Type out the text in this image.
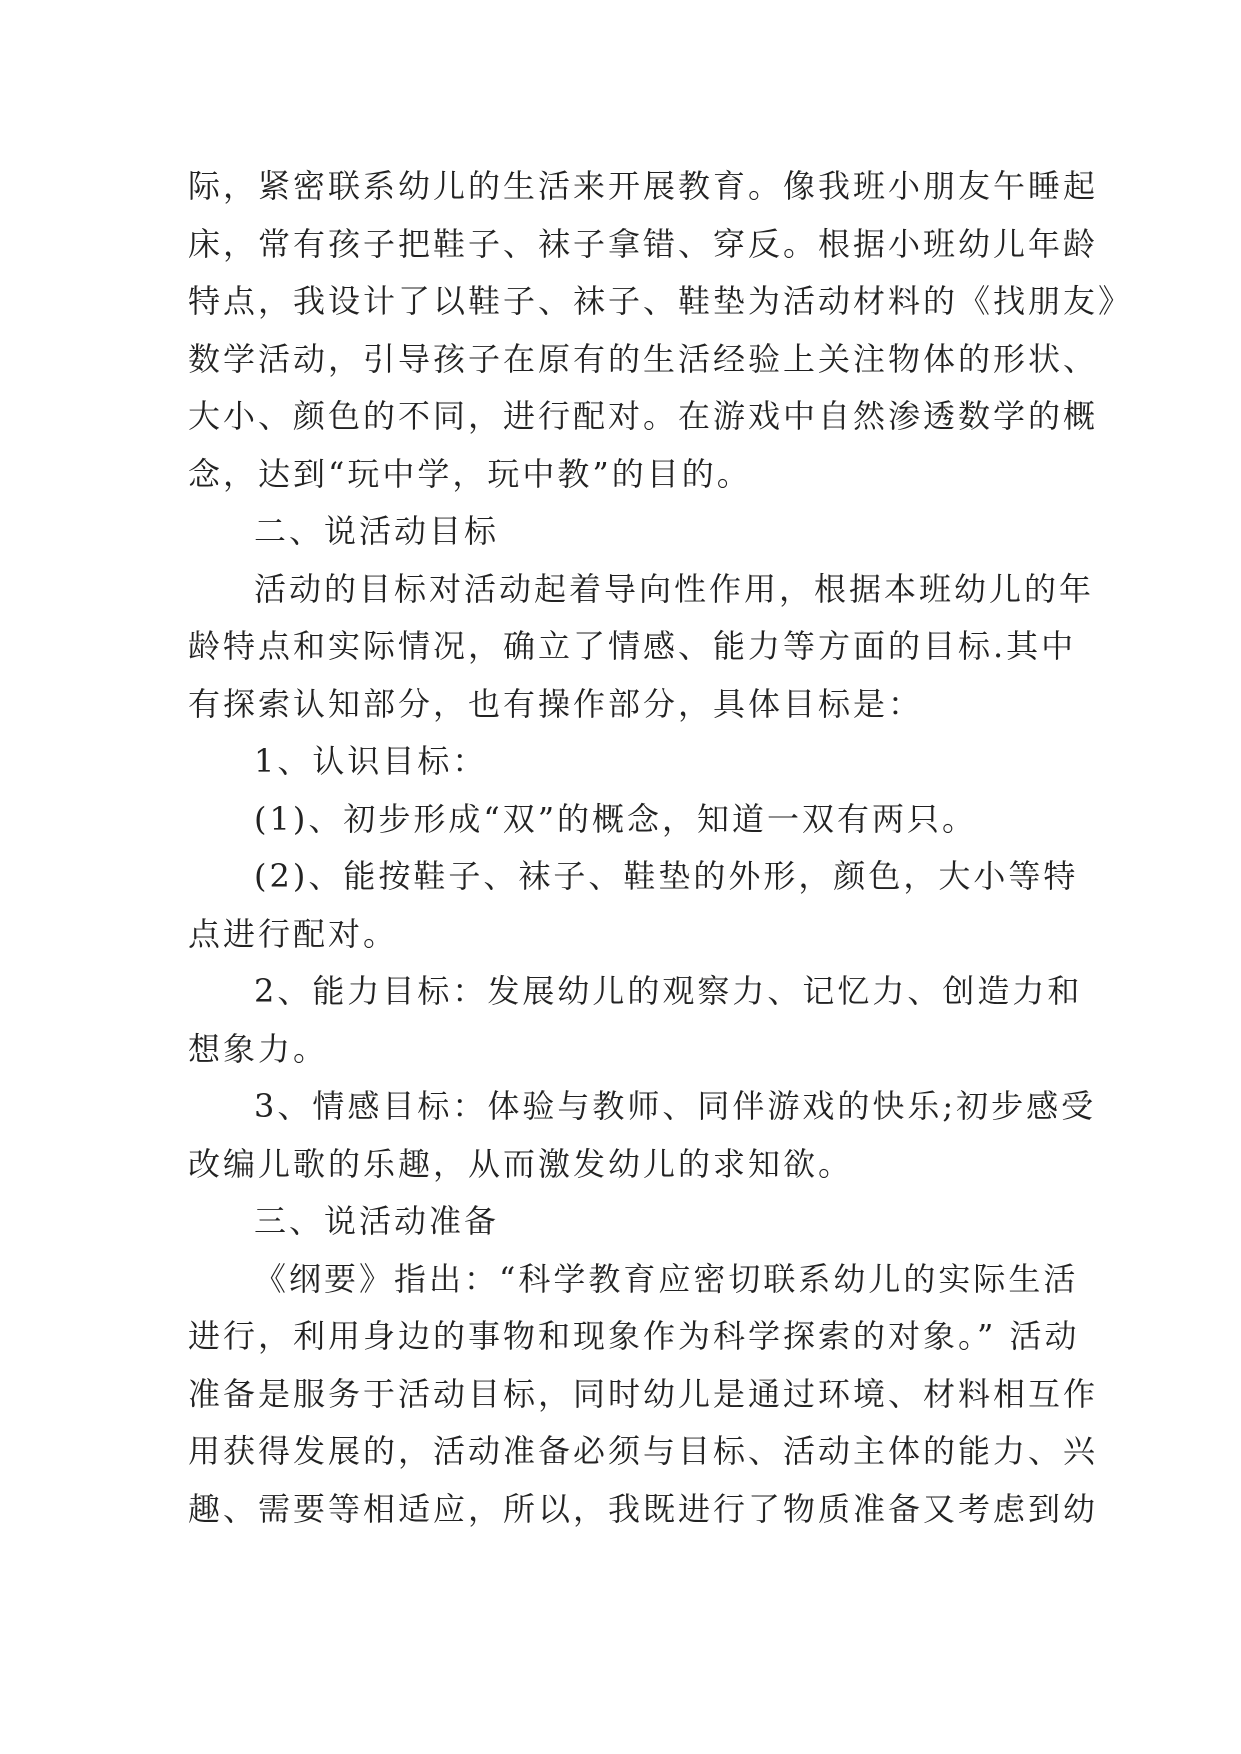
际，紧密联系幼儿的生活来开展教育。像我班小朋友午睡起
床，常有孩子把鞋子、袜子拿错、穿反。根据小班幼儿年龄
特点，我设计了以鞋子、袜子、鞋垫为活动材料的《找朋友》
数学活动，引导孩子在原有的生活经验上关注物体的形状、
大小、颜色的不同，进行配对。在游戏中自然渗透数学的概
念，达到“玩中学，玩中教”的目的。
二、说活动目标
活动的目标对活动起着导向性作用，根据本班幼儿的年
龄特点和实际情况，确立了情感、能力等方面的目标.其中
有探索认知部分，也有操作部分，具体目标是：
1、认识目标：
(1)、初步形成“双”的概念，知道一双有两只。
(2)、能按鞋子、袜子、鞋垫的外形，颜色，大小等特
点进行配对。
2、能力目标：发展幼儿的观察力、记忆力、创造力和
想象力。
3、情感目标：体验与教师、同伴游戏的快乐;初步感受
改编儿歌的乐趣，从而激发幼儿的求知欲。
三、说活动准备
《纲要》指出：“科学教育应密切联系幼儿的实际生活
进行，利用身边的事物和现象作为科学探索的对象。” 活动
准备是服务于活动目标，同时幼儿是通过环境、材料相互作
用获得发展的，活动准备必须与目标、活动主体的能力、兴
趣、需要等相适应，所以，我既进行了物质准备又考虑到幼
